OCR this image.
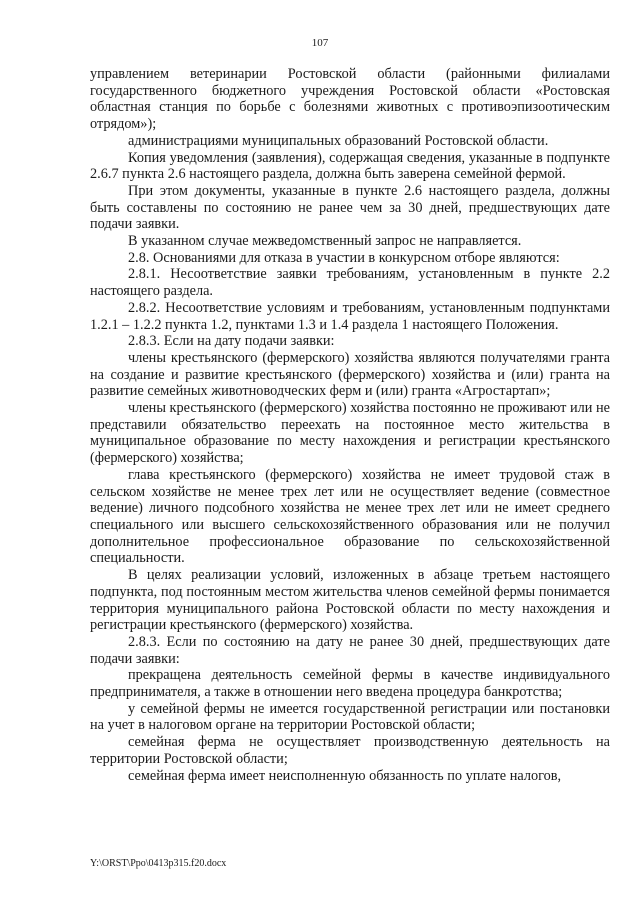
107

управлением ветеринарии Ростовской области (районными филиалами государственного бюджетного учреждения Ростовской области «Ростовская областная станция по борьбе с болезнями животных с противоэпизоотическим отрядом»);

администрациями муниципальных образований Ростовской области.

Копия уведомления (заявления), содержащая сведения, указанные в подпункте 2.6.7 пункта 2.6 настоящего раздела, должна быть заверена семейной фермой.

При этом документы, указанные в пункте 2.6 настоящего раздела, должны быть составлены по состоянию не ранее чем за 30 дней, предшествующих дате подачи заявки.

В указанном случае межведомственный запрос не направляется.

2.8. Основаниями для отказа в участии в конкурсном отборе являются:

2.8.1. Несоответствие заявки требованиям, установленным в пункте 2.2 настоящего раздела.

2.8.2. Несоответствие условиям и требованиям, установленным подпунктами 1.2.1 – 1.2.2 пункта 1.2, пунктами 1.3 и 1.4 раздела 1 настоящего Положения.

2.8.3. Если на дату подачи заявки:

члены крестьянского (фермерского) хозяйства являются получателями гранта на создание и развитие крестьянского (фермерского) хозяйства и (или) гранта на развитие семейных животноводческих ферм и (или) гранта «Агростартап»;

члены крестьянского (фермерского) хозяйства постоянно не проживают или не представили обязательство переехать на постоянное место жительства в муниципальное образование по месту нахождения и регистрации крестьянского (фермерского) хозяйства;

глава крестьянского (фермерского) хозяйства не имеет трудовой стаж в сельском хозяйстве не менее трех лет или не осуществляет ведение (совместное ведение) личного подсобного хозяйства не менее трех лет или не имеет среднего специального или высшего сельскохозяйственного образования или не получил дополнительное профессиональное образование по сельскохозяйственной специальности.

В целях реализации условий, изложенных в абзаце третьем настоящего подпункта, под постоянным местом жительства членов семейной фермы понимается территория муниципального района Ростовской области по месту нахождения и регистрации крестьянского (фермерского) хозяйства.

2.8.3. Если по состоянию на дату не ранее 30 дней, предшествующих дате подачи заявки:

прекращена деятельность семейной фермы в качестве индивидуального предпринимателя, а также в отношении него введена процедура банкротства;

у семейной фермы не имеется государственной регистрации или постановки на учет в налоговом органе на территории Ростовской области;

семейная ферма не осуществляет производственную деятельность на территории Ростовской области;

семейная ферма имеет неисполненную обязанность по уплате налогов,

Y:\ORST\Ppo\0413p315.f20.docx
